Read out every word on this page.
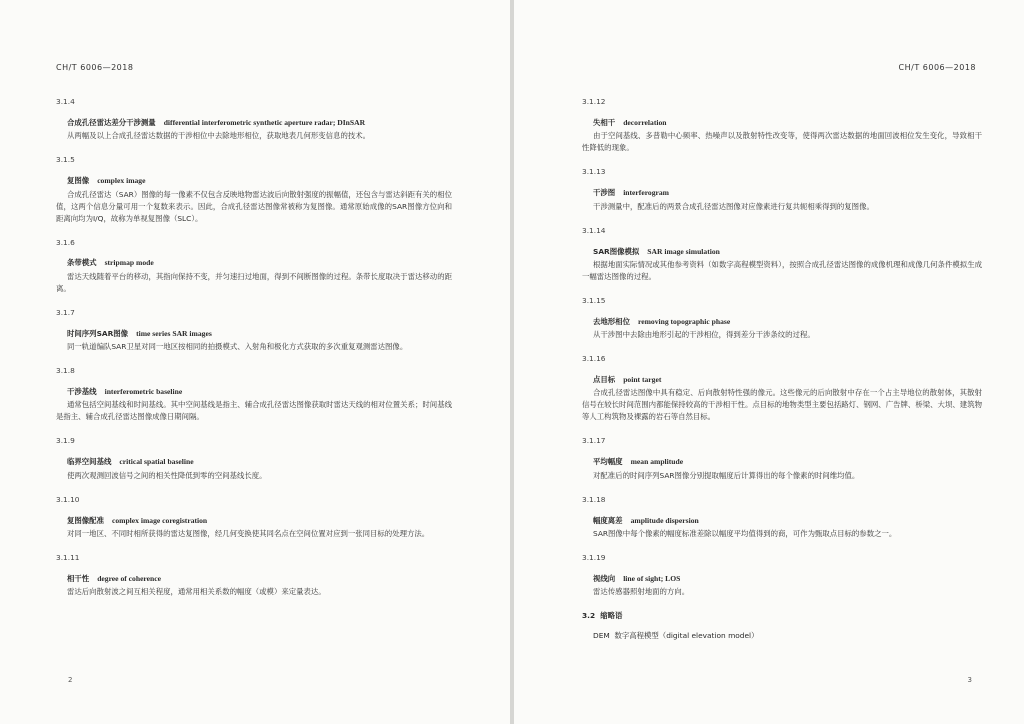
CH/T 6006—2018
3.1.4
合成孔径雷达差分干涉测量 differential interferometric synthetic aperture radar; DInSAR
从两幅及以上合成孔径雷达数据的干涉相位中去除地形相位，获取地表几何形变信息的技术。
3.1.5
复图像 complex image
合成孔径雷达（SAR）图像的每一像素不仅包含反映地物雷达波后向散射强度的振幅值，还包含与雷达斜距有关的相位值，这两个信息分量可用一个复数来表示。因此，合成孔径雷达图像常被称为复图像。通常原始成像的SAR图像方位向和距离向均为I/Q，故称为单视复图像（SLC）。
3.1.6
条带模式 stripmap mode
雷达天线随着平台的移动，其指向保持不变，并匀速扫过地面，得到不间断图像的过程。条带长度取决于雷达移动的距离。
3.1.7
时间序列SAR图像 time series SAR images
同一轨道编队SAR卫星对同一地区按相同的拍摄模式、入射角和极化方式获取的多次重复观测雷达图像。
3.1.8
干涉基线 interferometric baseline
通常包括空间基线和时间基线。其中空间基线是指主、辅合成孔径雷达图像获取时雷达天线的相对位置关系；时间基线是指主、辅合成孔径雷达图像成像日期间隔。
3.1.9
临界空间基线 critical spatial baseline
使两次观测回波信号之间的相关性降低到零的空间基线长度。
3.1.10
复图像配准 complex image coregistration
对同一地区、不同时相所获得的雷达复图像，经几何变换使其同名点在空间位置对应到一张同目标的处理方法。
3.1.11
相干性 degree of coherence
雷达后向散射波之间互相关程度，通常用相关系数的幅度（或模）来定量表达。
2
CH/T 6006—2018
3.1.12
失相干 decorrelation
由于空间基线、多普勒中心频率、热噪声以及散射特性改变等，使得两次雷达数据的地面回波相位发生变化，导致相干性降低的现象。
3.1.13
干涉图 interferogram
干涉测量中，配准后的两景合成孔径雷达图像对应像素进行复共轭相乘得到的复图像。
3.1.14
SAR图像模拟 SAR image simulation
根据地面实际情况或其他参考资料（如数字高程模型资料），按照合成孔径雷达图像的成像机理和成像几何条件模拟生成一幅雷达图像的过程。
3.1.15
去地形相位 removing topographic phase
从干涉图中去除由地形引起的干涉相位，得到差分干涉条纹的过程。
3.1.16
点目标 point target
合成孔径雷达图像中具有稳定、后向散射特性强的像元。这些像元的后向散射中存在一个占主导地位的散射体，其散射信号在较长时间范围内都能保持较高的干涉相干性。点目标的地物类型主要包括路灯、钢网、广告牌、桥梁、大坝、建筑物等人工构筑物及裸露的岩石等自然目标。
3.1.17
平均幅度 mean amplitude
对配准后的时间序列SAR图像分别提取幅度后计算得出的每个像素的时间维均值。
3.1.18
幅度离差 amplitude dispersion
SAR图像中每个像素的幅度标准差除以幅度平均值得到的商，可作为甄取点目标的参数之一。
3.1.19
视线向 line of sight; LOS
雷达传感器照射地面的方向。
3.2 缩略语
DEM 数字高程模型（digital elevation model）
3
